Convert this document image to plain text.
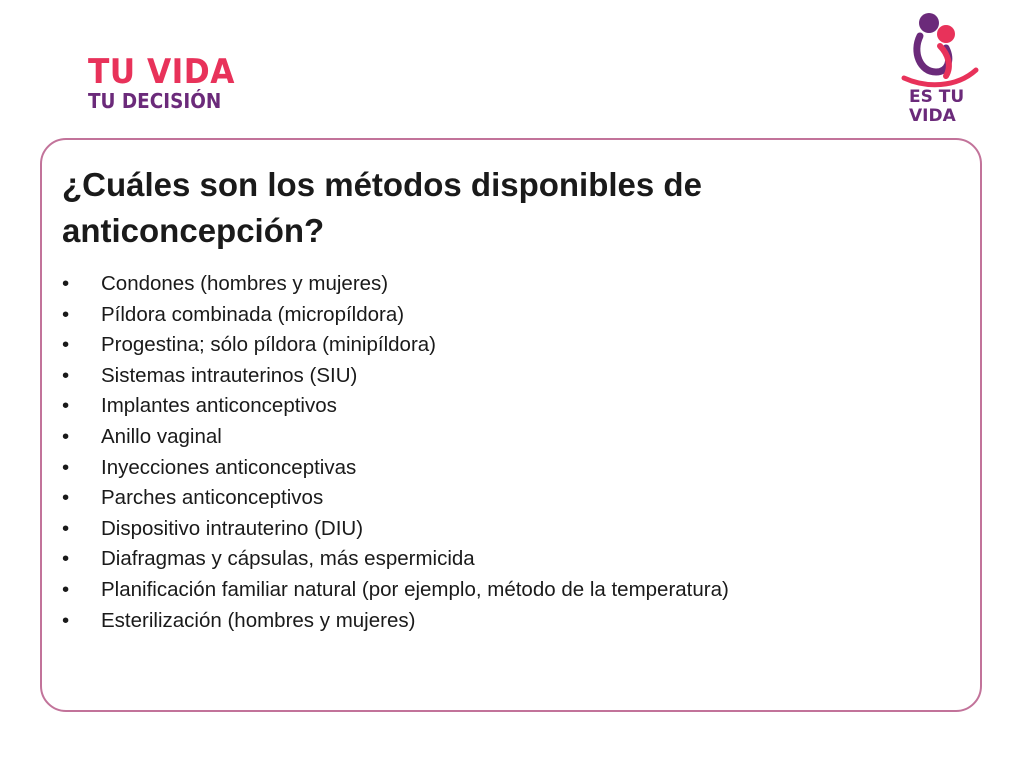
TU VIDA
TU DECISIÓN	ES TU
VIDA
¿Cuáles son los métodos disponibles de anticoncepción?
• Condones (hombres y mujeres)
• Píldora combinada (micropíldora)
• Progestina; sólo píldora (minipíldora)
• Sistemas intrauterinos (SIU)
• Implantes anticonceptivos
• Anillo vaginal
• Inyecciones anticonceptivas
• Parches anticonceptivos
• Dispositivo intrauterino (DIU)
• Diafragmas y cápsulas, más espermicida
• Planificación familiar natural (por ejemplo, método de la temperatura)
• Esterilización (hombres y mujeres)
